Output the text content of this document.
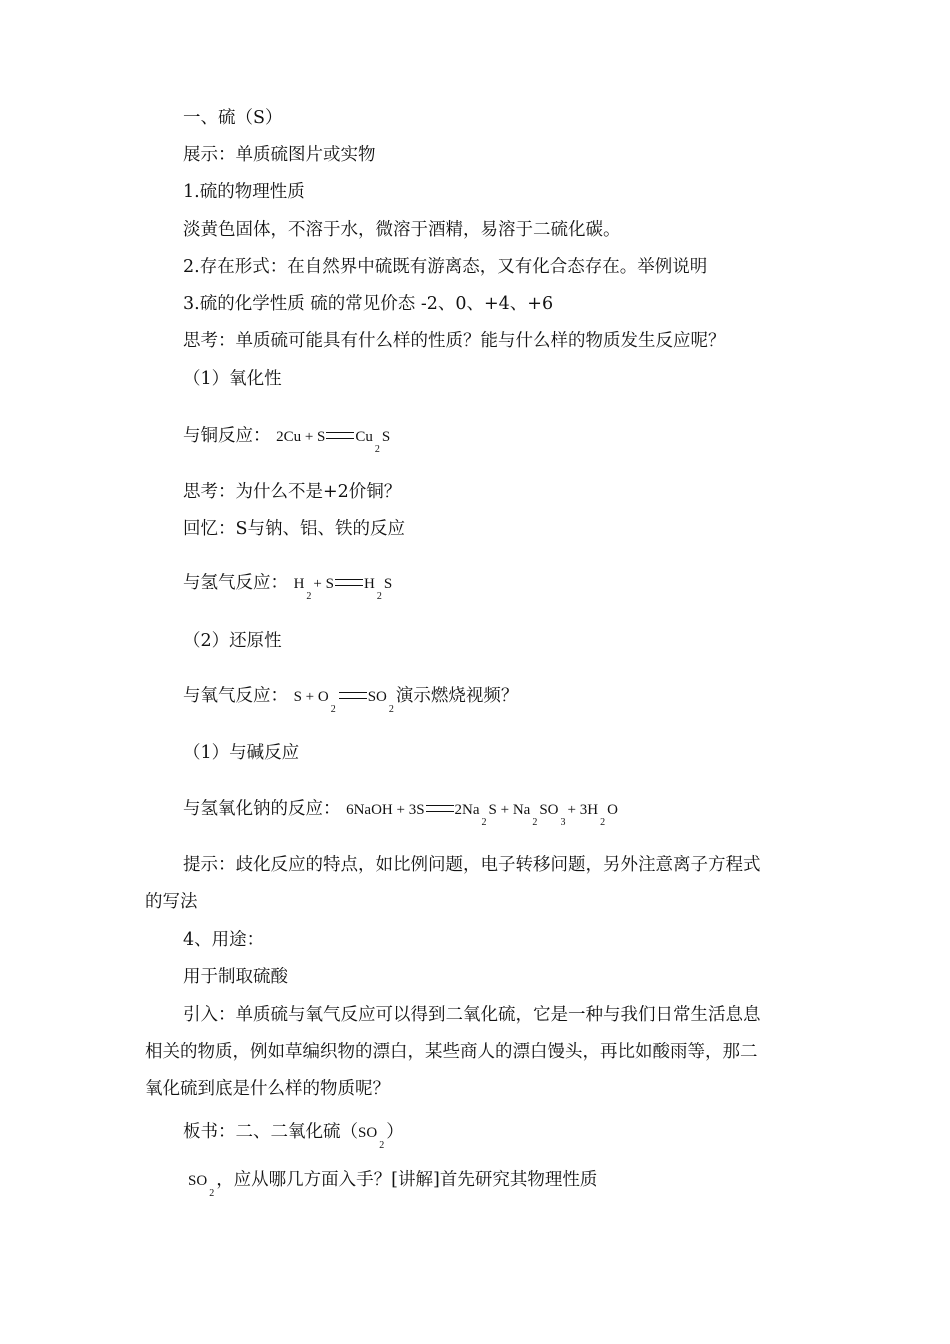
一、硫（S）
展示：单质硫图片或实物
1.硫的物理性质
淡黄色固体，不溶于水，微溶于酒精，易溶于二硫化碳。
2.存在形式：在自然界中硫既有游离态，又有化合态存在。举例说明
3.硫的化学性质 硫的常见价态 -2、0、+4、+6
思考：单质硫可能具有什么样的性质？能与什么样的物质发生反应呢？
（1）氧化性
与铜反应： 2Cu + S $Cu_2S$
思考：为什么不是+2价铜？
回忆：S与钠、铝、铁的反应
与氢气反应： $H_2+ S$ $H_2S$
（2）还原性
与氧气反应： $S + O_2SO_2$演示燃烧视频？
（1）与碱反应
与氢氧化钠的反应： 6NaOH + 3S $2Na_2S + Na_2SO_3+ 3H_2O$
提示：歧化反应的特点，如比例问题，电子转移问题，另外注意离子方程式
的写法
4、用途：
用于制取硫酸
引入：单质硫与氧气反应可以得到二氧化硫，它是一种与我们日常生活息息
相关的物质，例如草编织物的漂白，某些商人的漂白馒头，再比如酸雨等，那二
氧化硫到底是什么样的物质呢？
板书：二、二氧化硫$(SO_2)$
$SO_2$，应从哪几方面入手？[讲解]首先研究其物理性质
